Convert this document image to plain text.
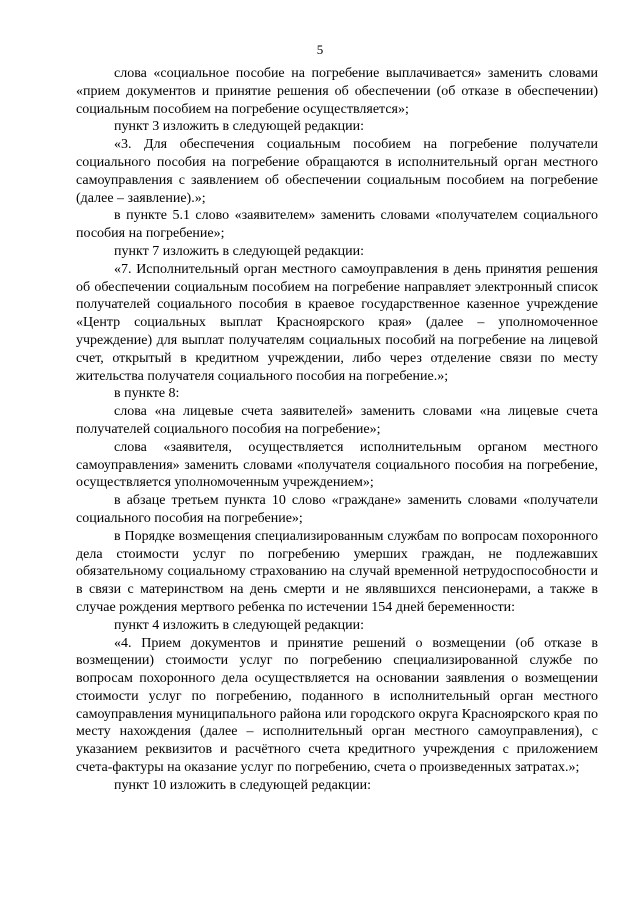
5

слова «социальное пособие на погребение выплачивается» заменить словами «прием документов и принятие решения об обеспечении (об отказе в обеспечении) социальным пособием на погребение осуществляется»;

пункт 3 изложить в следующей редакции:

«3. Для обеспечения социальным пособием на погребение получатели социального пособия на погребение обращаются в исполнительный орган местного самоуправления с заявлением об обеспечении социальным пособием на погребение (далее – заявление).»;

в пункте 5.1 слово «заявителем» заменить словами «получателем социального пособия на погребение»;

пункт 7 изложить в следующей редакции:

«7. Исполнительный орган местного самоуправления в день принятия решения об обеспечении социальным пособием на погребение направляет электронный список получателей социального пособия в краевое государственное казенное учреждение «Центр социальных выплат Красноярского края» (далее – уполномоченное учреждение) для выплат получателям социальных пособий на погребение на лицевой счет, открытый в кредитном учреждении, либо через отделение связи по месту жительства получателя социального пособия на погребение.»;

в пункте 8:

слова «на лицевые счета заявителей» заменить словами «на лицевые счета получателей социального пособия на погребение»;

слова «заявителя, осуществляется исполнительным органом местного самоуправления» заменить словами «получателя социального пособия на погребение, осуществляется уполномоченным учреждением»;

в абзаце третьем пункта 10 слово «граждане» заменить словами «получатели социального пособия на погребение»;

в Порядке возмещения специализированным службам по вопросам похоронного дела стоимости услуг по погребению умерших граждан, не подлежавших обязательному социальному страхованию на случай временной нетрудоспособности и в связи с материнством на день смерти и не являвшихся пенсионерами, а также в случае рождения мертвого ребенка по истечении 154 дней беременности:

пункт 4 изложить в следующей редакции:

«4. Прием документов и принятие решений о возмещении (об отказе в возмещении) стоимости услуг по погребению специализированной службе по вопросам похоронного дела осуществляется на основании заявления о возмещении стоимости услуг по погребению, поданного в исполнительный орган местного самоуправления муниципального района или городского округа Красноярского края по месту нахождения (далее – исполнительный орган местного самоуправления), с указанием реквизитов и расчётного счета кредитного учреждения с приложением счета-фактуры на оказание услуг по погребению, счета о произведенных затратах.»;

пункт 10 изложить в следующей редакции:
